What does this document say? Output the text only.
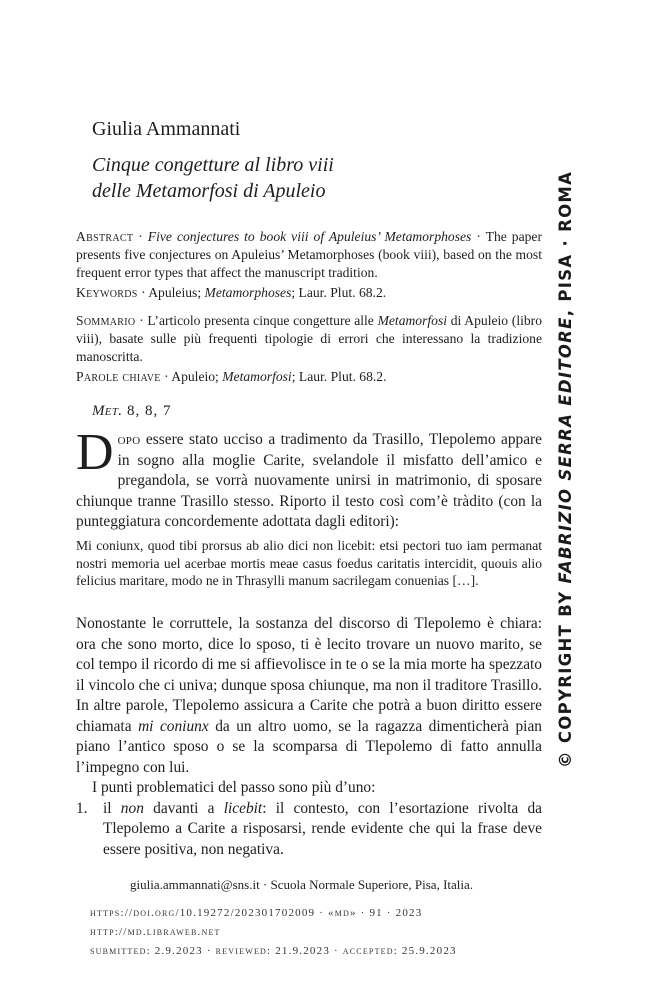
Giulia Ammannati
Cinque congetture al libro viii
delle Metamorfosi di Apuleio
Abstract · Five conjectures to book viii of Apuleius’ Metamorphoses · The paper presents five conjectures on Apuleius’ Metamorphoses (book viii), based on the most frequent error types that affect the manuscript tradition.
Keywords · Apuleius; Metamorphoses; Laur. Plut. 68.2.
Sommario · L’articolo presenta cinque congetture alle Metamorfosi di Apuleio (libro viii), basate sulle più frequenti tipologie di errori che interessano la tradizione manoscritta.
Parole chiave · Apuleio; Metamorfosi; Laur. Plut. 68.2.
Met. 8, 8, 7
Dopo essere stato ucciso a tradimento da Trasillo, Tlepolemo appare in sogno alla moglie Carite, svelandole il misfatto dell’amico e pregandola, se vorrà nuovamente unirsi in matrimonio, di sposare chiunque tranne Trasillo stesso. Riporto il testo così com’è tràdito (con la punteggiatura concordemente adottata dagli editori):
Mi coniunx, quod tibi prorsus ab alio dici non licebit: etsi pectori tuo iam permanat nostri memoria uel acerbae mortis meae casus foedus caritatis intercidit, quouis alio felicius maritare, modo ne in Thrasylli manum sacrilegam conuenias […].
Nonostante le corruttele, la sostanza del discorso di Tlepolemo è chiara: ora che sono morto, dice lo sposo, ti è lecito trovare un nuovo marito, se col tempo il ricordo di me si affievolisce in te o se la mia morte ha spezzato il vincolo che ci univa; dunque sposa chiunque, ma non il traditore Trasillo. In altre parole, Tlepolemo assicura a Carite che potrà a buon diritto essere chiamata mi coniunx da un altro uomo, se la ragazza dimenticherà pian piano l’antico sposo o se la scomparsa di Tlepolemo di fatto annulla l’impegno con lui.
I punti problematici del passo sono più d’uno:
1. il non davanti a licebit: il contesto, con l’esortazione rivolta da Tlepolemo a Carite a risposarsi, rende evidente che qui la frase deve essere positiva, non negativa.
giulia.ammannati@sns.it · Scuola Normale Superiore, Pisa, Italia.
https://doi.org/10.19272/202301702009 · «md» · 91 · 2023
http://md.libraweb.net
submitted: 2.9.2023 · reviewed: 21.9.2023 · accepted: 25.9.2023
© COPYRIGHT BY FABRIZIO SERRA EDITORE, PISA · ROMA
